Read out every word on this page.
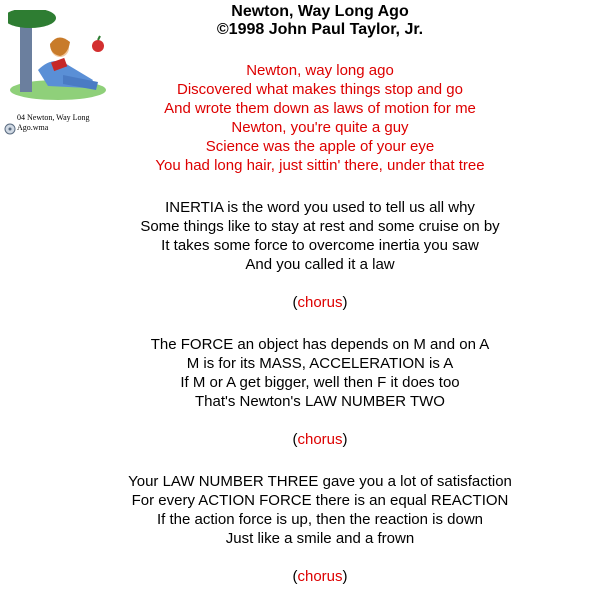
04 Newton, Way Long Ago.wma
Newton, Way Long Ago
©1998 John Paul Taylor, Jr.
Newton, way long ago
Discovered what makes things stop and go
And wrote them down as laws of motion for me
Newton, you're quite a guy
Science was the apple of your eye
You had long hair, just sittin' there, under that tree
INERTIA is the word you used to tell us all why
Some things like to stay at rest and some cruise on by
It takes some force to overcome inertia you saw
And you called it a law
(chorus)
The FORCE an object has depends on M and on A
M is for its MASS, ACCELERATION is A
If M or A get bigger, well then F it does too
That's Newton's LAW NUMBER TWO
(chorus)
Your LAW NUMBER THREE gave you a lot of satisfaction
For every ACTION FORCE there is an equal REACTION
If the action force is up, then the reaction is down
Just like a smile and a frown
(chorus)
